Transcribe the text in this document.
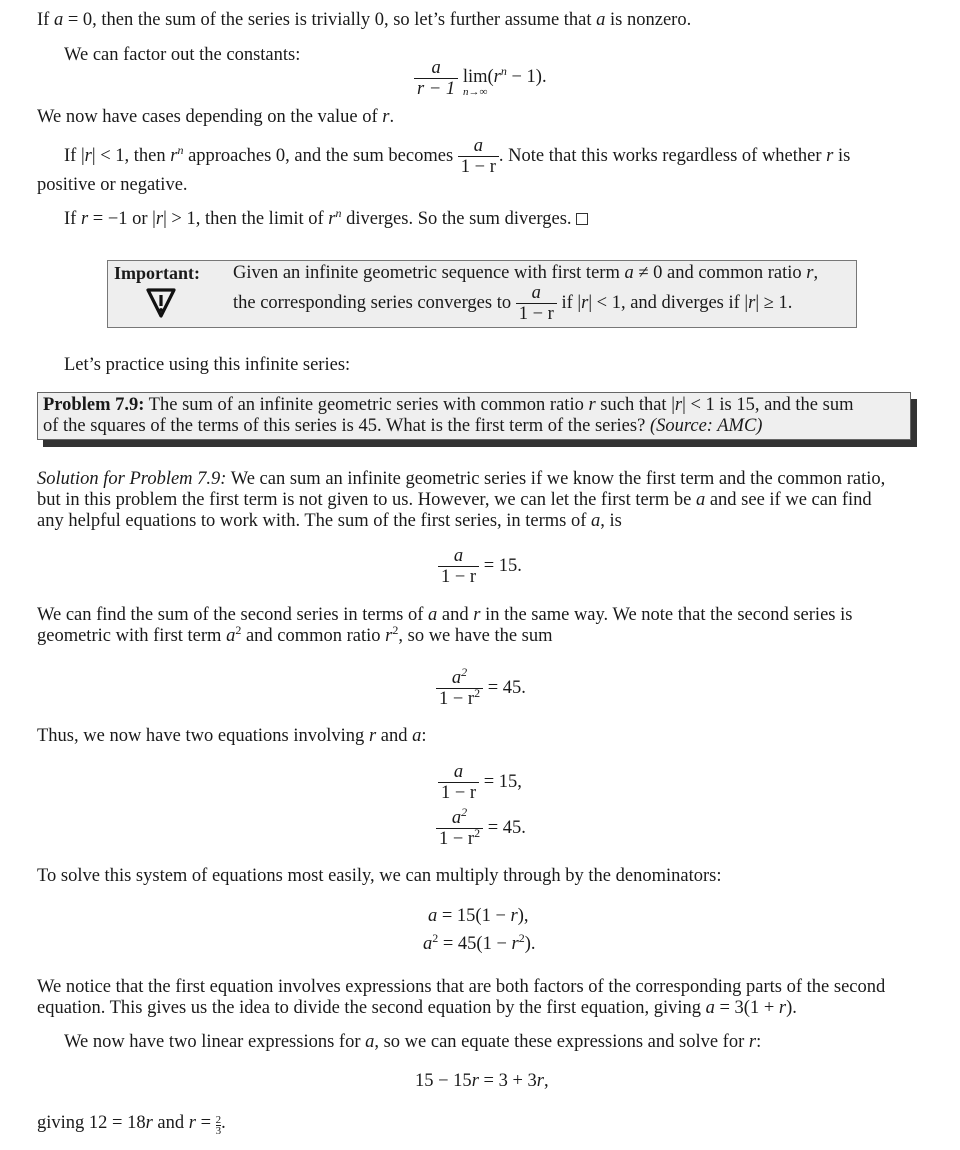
If a = 0, then the sum of the series is trivially 0, so let’s further assume that a is nonzero.
We can factor out the constants:
$\frac{a}{r - 1}$ lim
n→∞
$(r^n - 1)$.
We now have cases depending on the value of r.
If |r| < 1, then $r^n$ approaches 0, and the sum becomes $\frac{a}{1 - r}$ . Note that this works regardless of whether r is
positive or negative.
If r = −1 or |r| > 1, then the limit of $r^n$ diverges. So the sum diverges.
Important: Given an infinite geometric sequence with first term a ≠ 0 and common ratio r,
the corresponding series converges to $\frac{a}{1 - r}$ if |r| < 1, and diverges if |r| ≥ 1.
Let’s practice using this infinite series:
Problem 7.9: The sum of an infinite geometric series with common ratio r such that |r| < 1 is 15, and the sum
of the squares of the terms of this series is 45. What is the first term of the series? (Source: AMC)
Solution for Problem 7.9: We can sum an infinite geometric series if we know the first term and the common ratio,
but in this problem the first term is not given to us. However, we can let the first term be a and see if we can find
any helpful equations to work with. The sum of the first series, in terms of a, is
$\frac{a}{1 - r} = 15$.
We can find the sum of the second series in terms of a and r in the same way. We note that the second series is
geometric with first term $a^2$ and common ratio $r^2$, so we have the sum
$\frac{a^2}{1 - r^2} = 45$.
Thus, we now have two equations involving r and a:
$\frac{a}{1 - r} = 15$,
$\frac{a^2}{1 - r^2} = 45$.
To solve this system of equations most easily, we can multiply through by the denominators:
a = 15(1 − r),
$a^2 = 45(1 - r^2)$.
We notice that the first equation involves expressions that are both factors of the corresponding parts of the second
equation. This gives us the idea to divide the second equation by the first equation, giving a = 3(1 + r).
We now have two linear expressions for a, so we can equate these expressions and solve for r:
15 − 15r = 3 + 3r,
giving 12 = 18r and $r = \frac{2}{3}$ .
